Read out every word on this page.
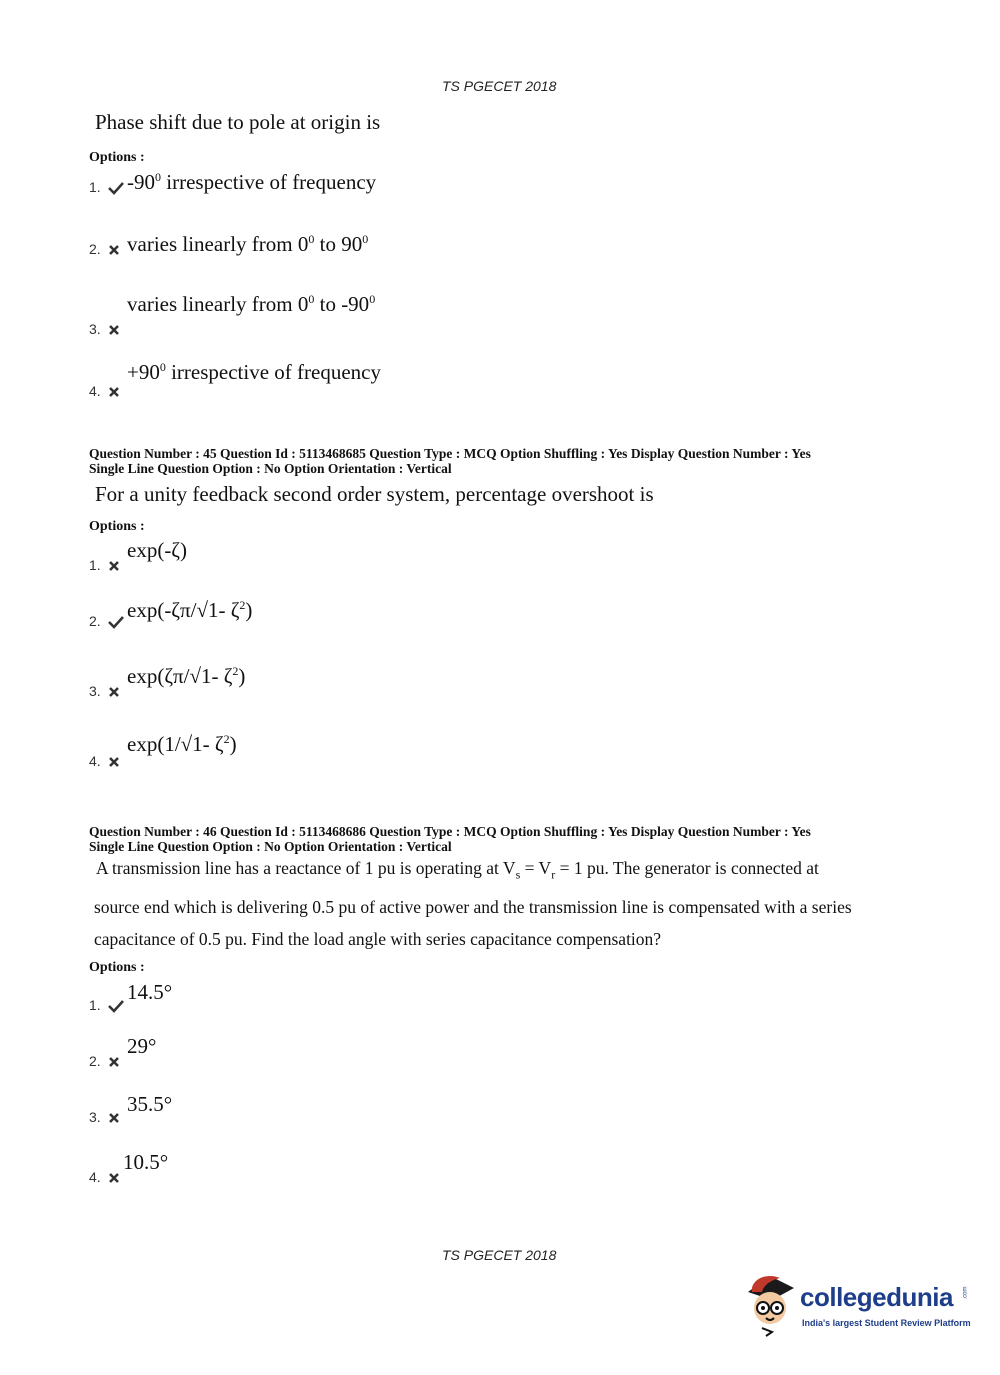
TS PGECET 2018
Phase shift due to pole at origin is
Options :
1.	$-90^0$ irrespective of frequency
2.	varies linearly from $0^0$ to $90^0$
3.
varies linearly from $0^0$ to $-90^0$
4.
$+90^0$ irrespective of frequency
Question Number : 45 Question Id : 5113468685 Question Type : MCQ Option Shuffling : Yes Display Question Number : Yes
Single Line Question Option : No Option Orientation : Vertical
For a unity feedback second order system, percentage overshoot is
Options :
1.
exp(-ζ)
2.	exp(-ζπ/√1- $\zeta^2$)
3.
exp(ζπ/√1- $\zeta^2$)
4.
exp(1/√1- $\zeta^2$)
Question Number : 46 Question Id : 5113468686 Question Type : MCQ Option Shuffling : Yes Display Question Number : Yes
Single Line Question Option : No Option Orientation : Vertical
A transmission line has a reactance of 1 pu is operating at $V_s = V_r = 1$ pu. The generator is connected at
source end which is delivering 0.5 pu of active power and the transmission line is compensated with a series
capacitance of 0.5 pu. Find the load angle with series capacitance compensation?
Options :
1.
14.5°
2.
29°
3.
35.5°
4.
10.5°
TS PGECET 2018
collegedunia .com
India's largest Student Review Platform
